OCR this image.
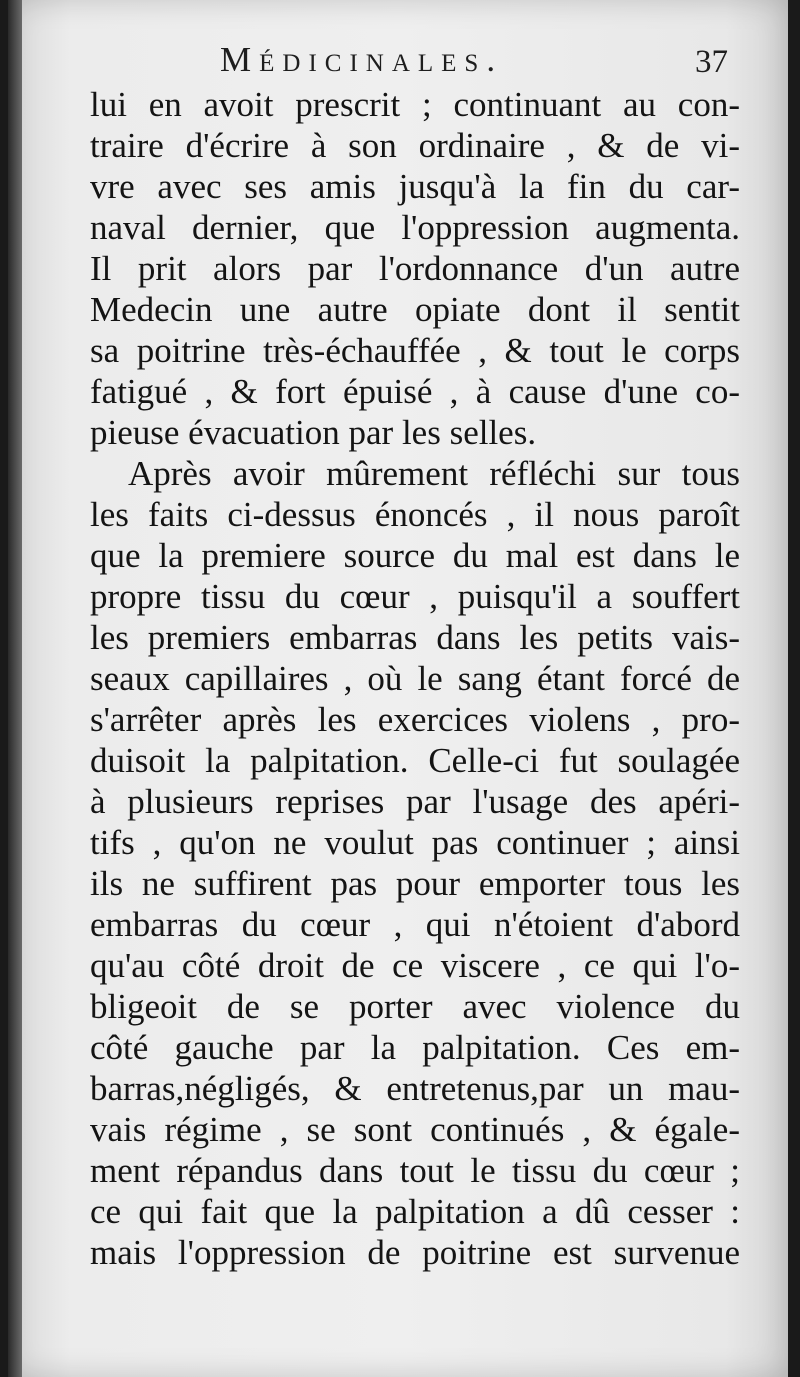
Médicinales.	37
lui en avoit prescrit ; continuant au con-
traire d'écrire à son ordinaire , & de vi-
vre avec ses amis jusqu'à la fin du car-
naval dernier, que l'oppression augmenta.
Il prit alors par l'ordonnance d'un autre
Medecin une autre opiate dont il sentit
sa poitrine très-échauffée , & tout le corps
fatigué , & fort épuisé , à cause d'une co-
pieuse évacuation par les selles.
Après avoir mûrement réfléchi sur tous
les faits ci-dessus énoncés , il nous paroît
que la premiere source du mal est dans le
propre tissu du cœur , puisqu'il a souffert
les premiers embarras dans les petits vais-
seaux capillaires , où le sang étant forcé de
s'arrêter après les exercices violens , pro-
duisoit la palpitation. Celle-ci fut soulagée
à plusieurs reprises par l'usage des apéri-
tifs , qu'on ne voulut pas continuer ; ainsi
ils ne suffirent pas pour emporter tous les
embarras du cœur , qui n'étoient d'abord
qu'au côté droit de ce viscere , ce qui l'o-
bligeoit de se porter avec violence du
côté gauche par la palpitation. Ces em-
barras,négligés, & entretenus,par un mau-
vais régime , se sont continués , & égale-
ment répandus dans tout le tissu du cœur ;
ce qui fait que la palpitation a dû cesser :
mais l'oppression de poitrine est survenue
